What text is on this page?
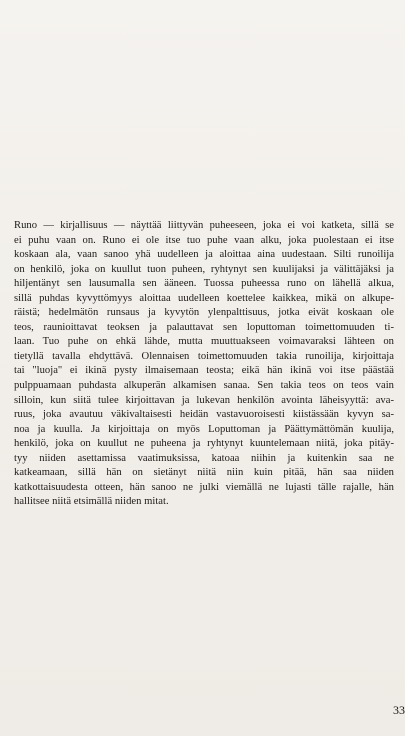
Runo — kirjallisuus — näyttää liittyvän puheeseen, joka ei voi katketa, sillä se
ei puhu vaan on. Runo ei ole itse tuo puhe vaan alku, joka puolestaan ei itse
koskaan ala, vaan sanoo yhä uudelleen ja aloittaa aina uudestaan. Silti runoilija
on henkilö, joka on kuullut tuon puheen, ryhtynyt sen kuulijaksi ja välittäjäksi ja
hiljentänyt sen lausumalla sen ääneen. Tuossa puheessa runo on lähellä alkua,
sillä puhdas kyvyttömyys aloittaa uudelleen koettelee kaikkea, mikä on alkupe-
räistä; hedelmätön runsaus ja kyvytön ylenpalttisuus, jotka eivät koskaan ole
teos, raunioittavat teoksen ja palauttavat sen loputtoman toimettomuuden ti-
laan. Tuo puhe on ehkä lähde, mutta muuttuakseen voimavaraksi lähteen on
tietyllä tavalla ehdyttävä. Olennaisen toimettomuuden takia runoilija, kirjoittaja
tai "luoja" ei ikinä pysty ilmaisemaan teosta; eikä hän ikinä voi itse päästää
pulppuamaan puhdasta alkuperän alkamisen sanaa. Sen takia teos on teos vain
silloin, kun siitä tulee kirjoittavan ja lukevan henkilön avointa läheisyyttä: ava-
ruus, joka avautuu väkivaltaisesti heidän vastavuoroisesti kiistässään kyvyn sa-
noa ja kuulla. Ja kirjoittaja on myös Loputtoman ja Päättymättömän kuulija,
henkilö, joka on kuullut ne puheena ja ryhtynyt kuuntelemaan niitä, joka pitäy-
tyy niiden asettamissa vaatimuksissa, katoaa niihin ja kuitenkin saa ne
katkeamaan, sillä hän on sietänyt niitä niin kuin pitää, hän saa niiden
katkottaisuudesta otteen, hän sanoo ne julki viemällä ne lujasti tälle rajalle, hän
hallitsee niitä etsimällä niiden mitat.
33
